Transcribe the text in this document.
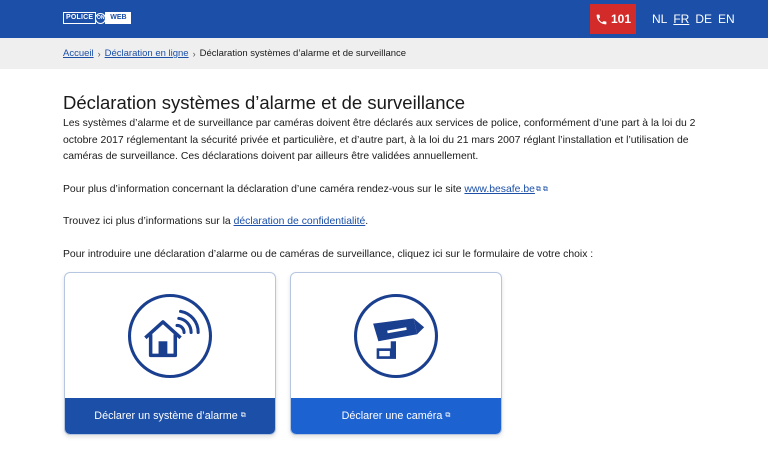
POLICE ON WEB	101 NL FR DE EN
Accueil › Déclaration en ligne › Déclaration systèmes d’alarme et de surveillance
Déclaration systèmes d’alarme et de surveillance

Les systèmes d’alarme et de surveillance par caméras doivent être déclarés aux services de police, conformément d’une part à la loi du 2 octobre 2017 réglementant la sécurité privée et particulière, et d’autre part, à la loi du 21 mars 2007 réglant l’installation et l’utilisation de caméras de surveillance. Ces déclarations doivent par ailleurs être validées annuellement.

Pour plus d’information concernant la déclaration d’une caméra rendez-vous sur le site www.besafe.be⧉ ⧉

Trouvez ici plus d’informations sur la déclaration de confidentialité.

Pour introduire une déclaration d’alarme ou de caméras de surveillance, cliquez ici sur le formulaire de votre choix :

Déclarer un système d’alarme ⧉	Déclarer une caméra ⧉
